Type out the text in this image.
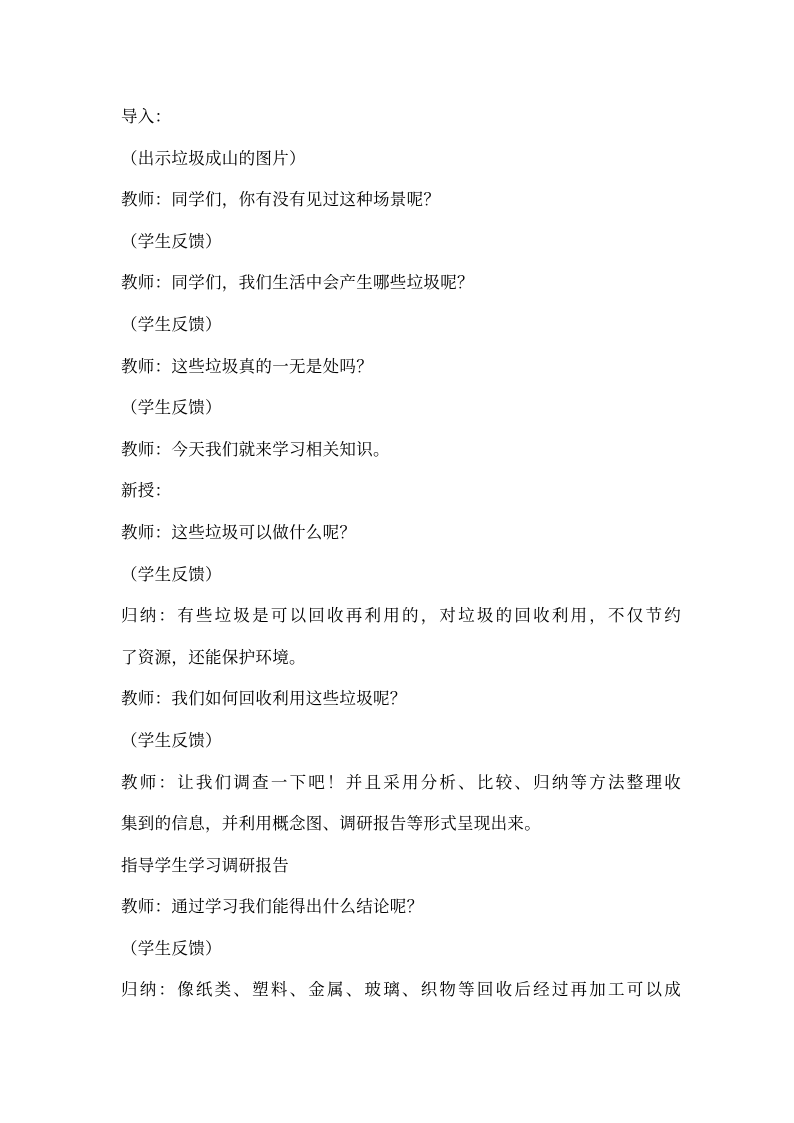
导入：
（出示垃圾成山的图片）
教师：同学们，你有没有见过这种场景呢？
（学生反馈）
教师：同学们，我们生活中会产生哪些垃圾呢？
（学生反馈）
教师：这些垃圾真的一无是处吗？
（学生反馈）
教师：今天我们就来学习相关知识。
新授：
教师：这些垃圾可以做什么呢？
（学生反馈）
归纳：有些垃圾是可以回收再利用的，对垃圾的回收利用，不仅节约
了资源，还能保护环境。
教师：我们如何回收利用这些垃圾呢？
（学生反馈）
教师：让我们调查一下吧！并且采用分析、比较、归纳等方法整理收
集到的信息，并利用概念图、调研报告等形式呈现出来。
指导学生学习调研报告
教师：通过学习我们能得出什么结论呢？
（学生反馈）
归纳：像纸类、塑料、金属、玻璃、织物等回收后经过再加工可以成
